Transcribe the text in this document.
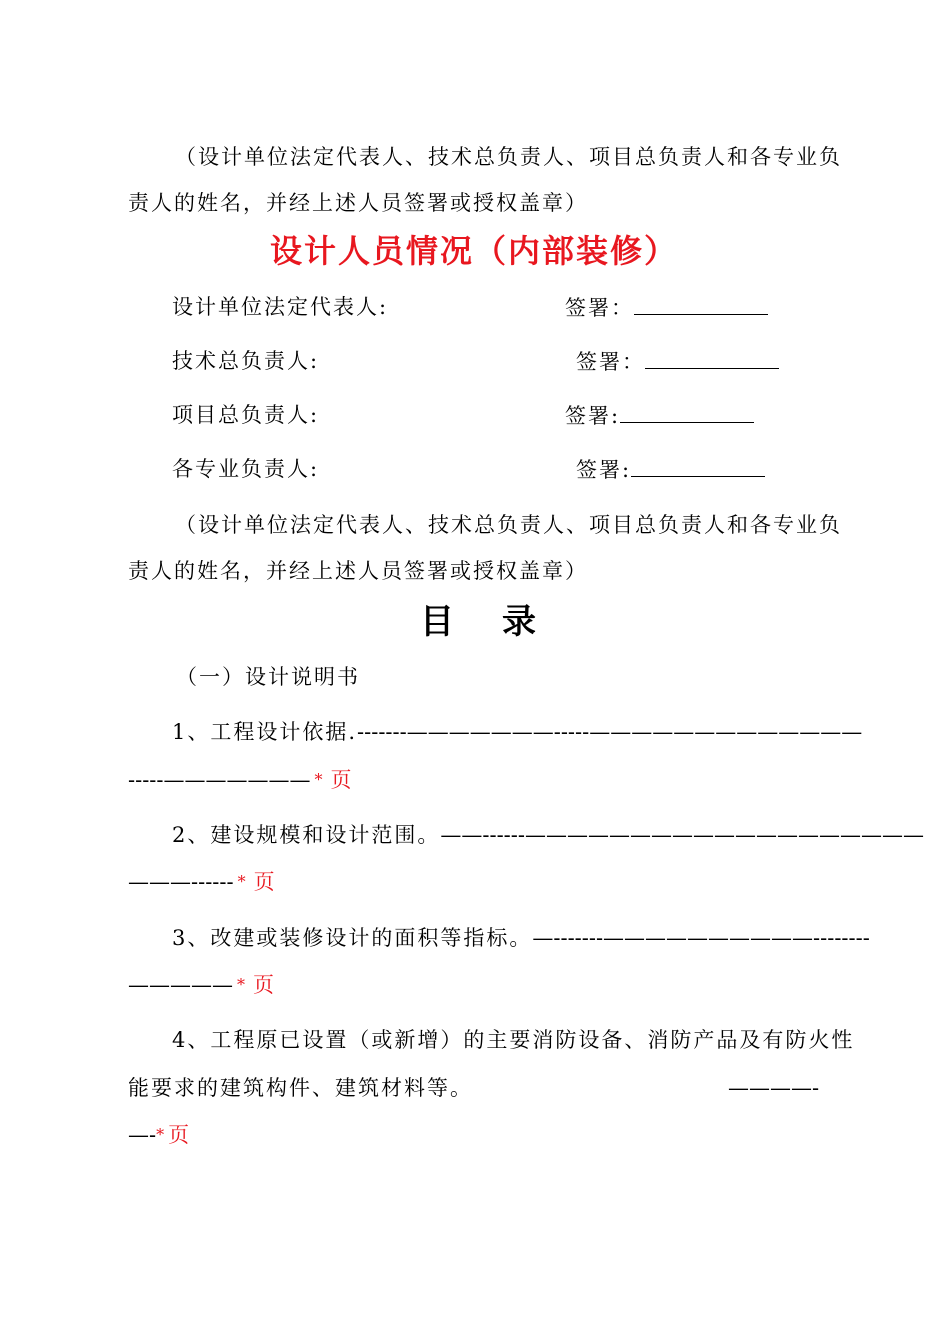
（设计单位法定代表人、技术总负责人、项目总负责人和各专业负
责人的姓名，并经上述人员签署或授权盖章）
设计人员情况（内部装修）
设计单位法定代表人:	签署：
技术总负责人:	签署：
项目总负责人:	签署:
各专业负责人:	签署:
（设计单位法定代表人、技术总负责人、项目总负责人和各专业负
责人的姓名，并经上述人员签署或授权盖章）
目 录
（一）设计说明书
1、工程设计依据.-------———————-----—————————————
-----——————— * 页
2、建设规模和设计范围。——------———————————————————
———------ * 页
3、改建或装修设计的面积等指标。—-------——————————--------
————— * 页
4、工程原已设置（或新增）的主要消防设备、消防产品及有防火性
能要求的建筑构件、建筑材料等。	————-
—-*页
